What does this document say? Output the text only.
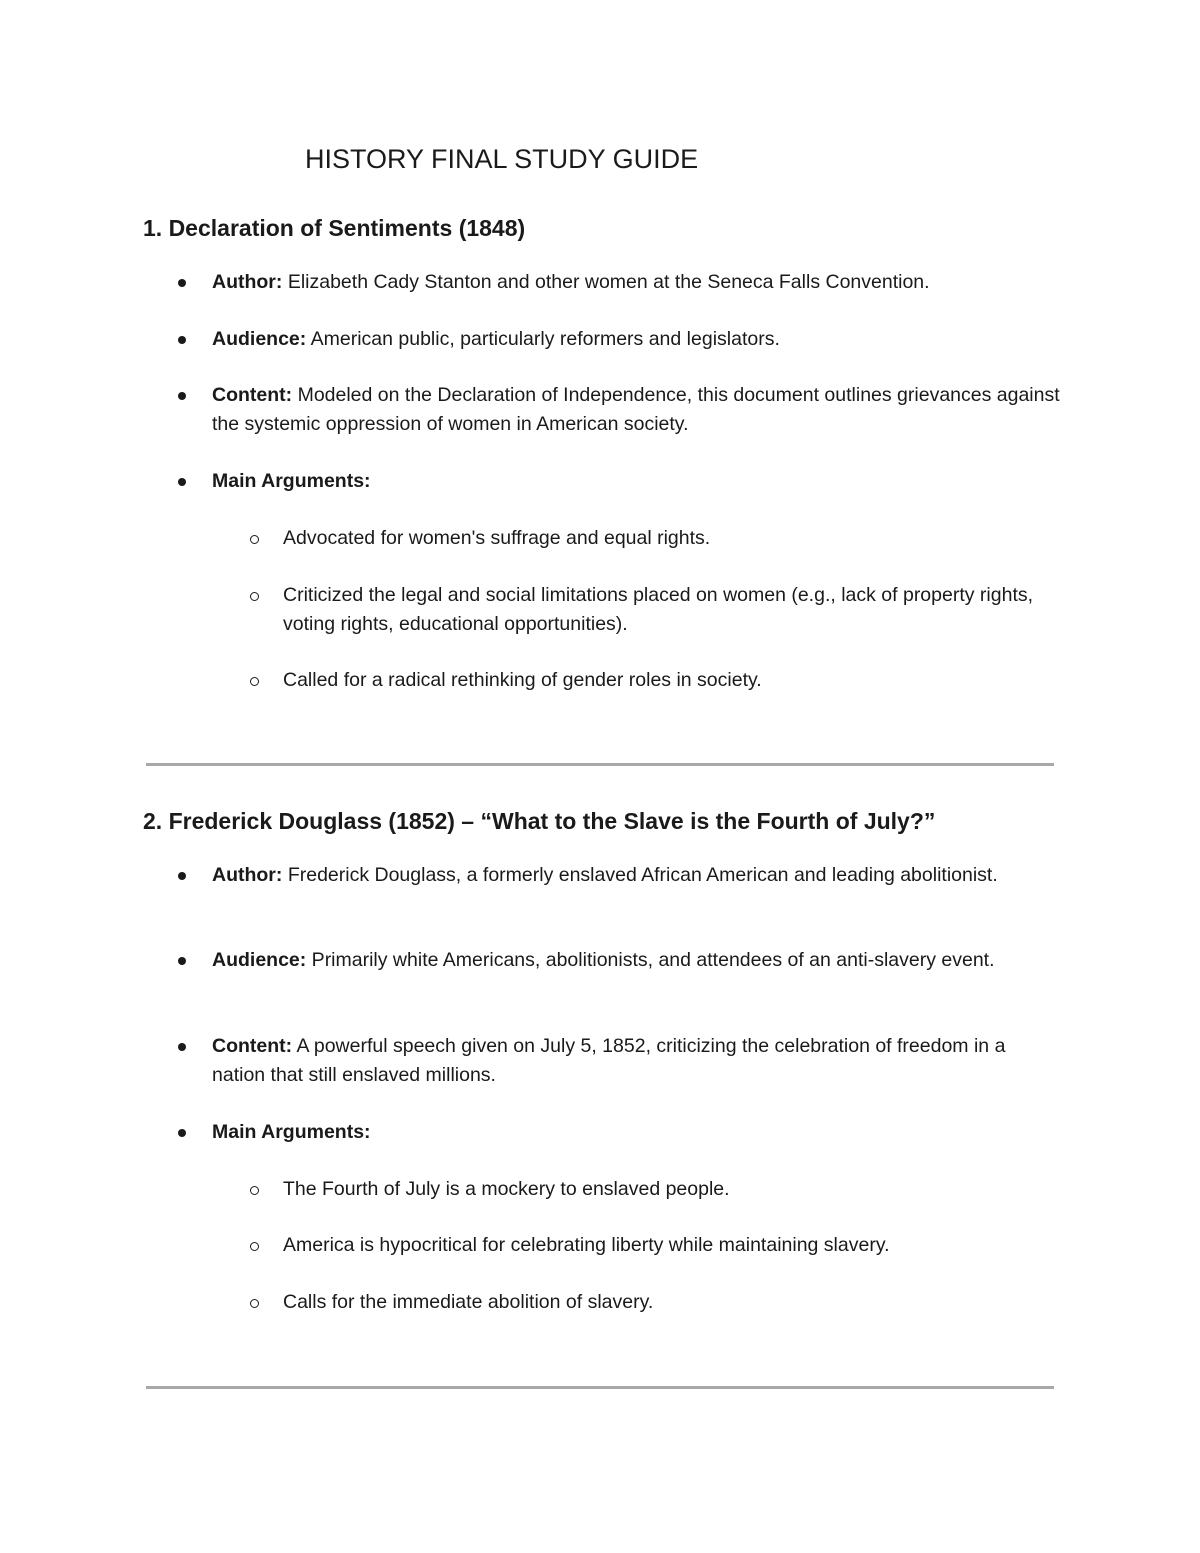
HISTORY FINAL STUDY GUIDE
1. Declaration of Sentiments (1848)
Author: Elizabeth Cady Stanton and other women at the Seneca Falls Convention.
Audience: American public, particularly reformers and legislators.
Content: Modeled on the Declaration of Independence, this document outlines grievances against the systemic oppression of women in American society.
Main Arguments:
Advocated for women's suffrage and equal rights.
Criticized the legal and social limitations placed on women (e.g., lack of property rights, voting rights, educational opportunities).
Called for a radical rethinking of gender roles in society.
2. Frederick Douglass (1852) – “What to the Slave is the Fourth of July?”
Author: Frederick Douglass, a formerly enslaved African American and leading abolitionist.
Audience: Primarily white Americans, abolitionists, and attendees of an anti-slavery event.
Content: A powerful speech given on July 5, 1852, criticizing the celebration of freedom in a nation that still enslaved millions.
Main Arguments:
The Fourth of July is a mockery to enslaved people.
America is hypocritical for celebrating liberty while maintaining slavery.
Calls for the immediate abolition of slavery.
